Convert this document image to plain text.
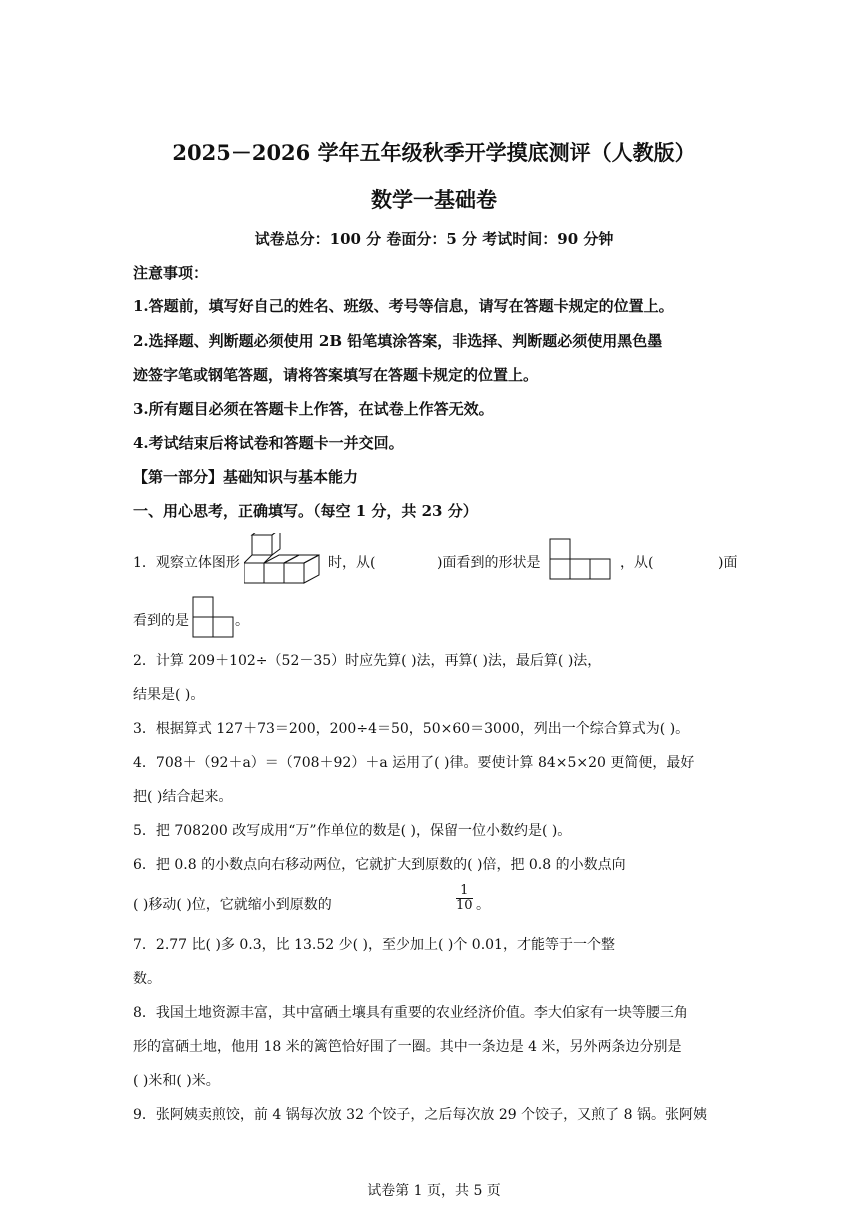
2025－2026 学年五年级秋季开学摸底测评（人教版）
数学一基础卷
试卷总分：100 分 卷面分：5 分 考试时间：90 分钟
注意事项：
1.答题前，填写好自己的姓名、班级、考号等信息，请写在答题卡规定的位置上。
2.选择题、判断题必须使用 2B 铅笔填涂答案，非选择、判断题必须使用黑色墨
迹签字笔或钢笔答题，请将答案填写在答题卡规定的位置上。
3.所有题目必须在答题卡上作答，在试卷上作答无效。
4.考试结束后将试卷和答题卡一并交回。
【第一部分】基础知识与基本能力
一、用心思考，正确填写。（每空 1 分，共 23 分）
1．观察立体图形	时，从(	)面看到的形状是	，从(	)面
看到的是	。
2．计算 209＋102÷（52－35）时应先算( )法，再算( )法，最后算( )法，
结果是( )。
3．根据算式 127＋73＝200，200÷4＝50，50×60＝3000，列出一个综合算式为( )。
4．708＋（92＋a）＝（708＋92）＋a 运用了( )律。要使计算 84×5×20 更简便，最好
把( )结合起来。
5．把 708200 改写成用“万”作单位的数是( )，保留一位小数约是( )。
6．把 0.8 的小数点向右移动两位，它就扩大到原数的( )倍，把 0.8 的小数点向
( )移动( )位，它就缩小到原数的	$\frac{1}{10}$ 。
7．2.77 比( )多 0.3，比 13.52 少( )，至少加上( )个 0.01，才能等于一个整
数。
8．我国土地资源丰富，其中富硒土壤具有重要的农业经济价值。李大伯家有一块等腰三角
形的富硒土地，他用 18 米的篱笆恰好围了一圈。其中一条边是 4 米，另外两条边分别是
( )米和( )米。
9．张阿姨卖煎饺，前 4 锅每次放 32 个饺子，之后每次放 29 个饺子，又煎了 8 锅。张阿姨
试卷第 1 页，共 5 页
